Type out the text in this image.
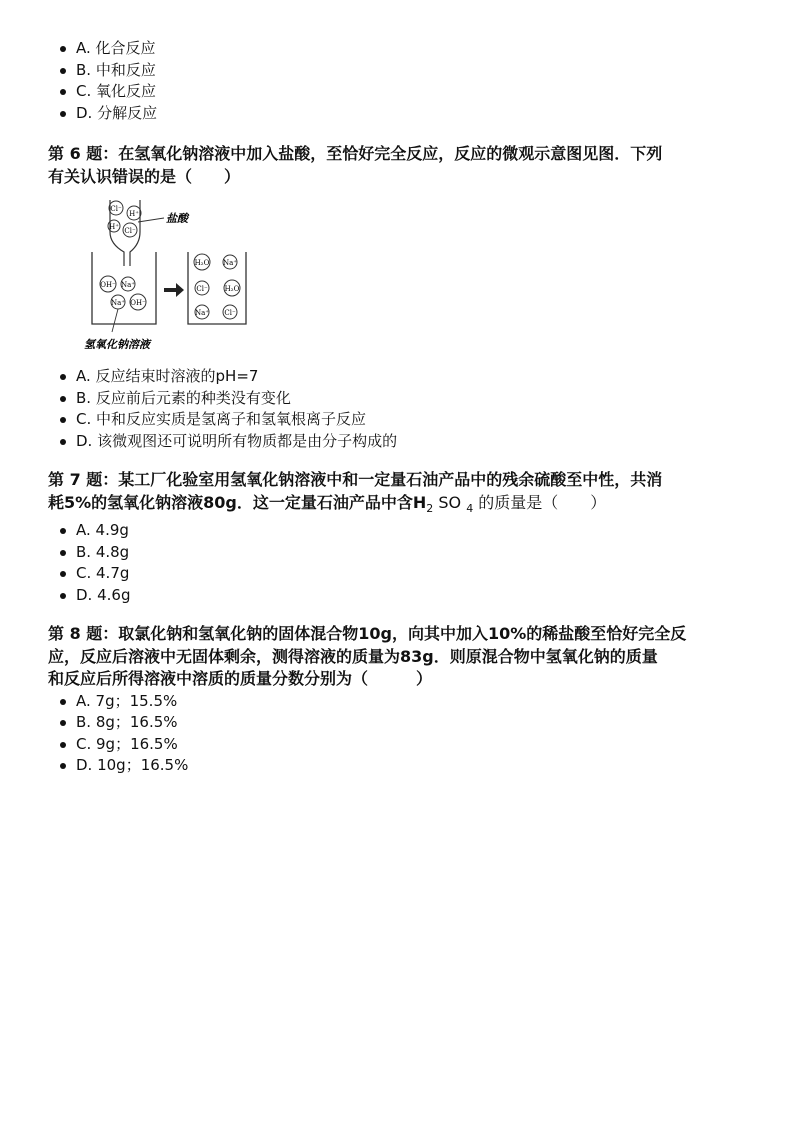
A. 化合反应
B. 中和反应
C. 氧化反应
D. 分解反应

第 6 题：在氢氧化钠溶液中加入盐酸，至恰好完全反应，反应的微观示意图见图．下列

有关认识错误的是（　　）

Cl⁻
H⁺
H⁺ Cl⁻
盐酸
OH⁻ Na⁺
Na⁺ OH⁻
氢氧化钠溶液
H₂O Na⁺
Cl⁻ H₂O
Na⁺ Cl⁻
A. 反应结束时溶液的pH=7
B. 反应前后元素的种类没有变化
C. 中和反应实质是氢离子和氢氧根离子反应
D. 该微观图还可说明所有物质都是由分子构成的

第 7 题：某工厂化验室用氢氧化钠溶液中和一定量石油产品中的残余硫酸至中性，共消

耗5%的氢氧化钠溶液80g．这一定量石油产品中含$H_2$ SO $_4$ 的质量是（　　）

A. 4.9g
B. 4.8g
C. 4.7g
D. 4.6g

第 8 题：取氯化钠和氢氧化钠的固体混合物10g，向其中加入10%的稀盐酸至恰好完全反

应，反应后溶液中无固体剩余，测得溶液的质量为83g．则原混合物中氢氧化钠的质量

和反应后所得溶液中溶质的质量分数分别为（　　　）

A. 7g；15.5%
B. 8g；16.5%
C. 9g；16.5%
D. 10g；16.5%
